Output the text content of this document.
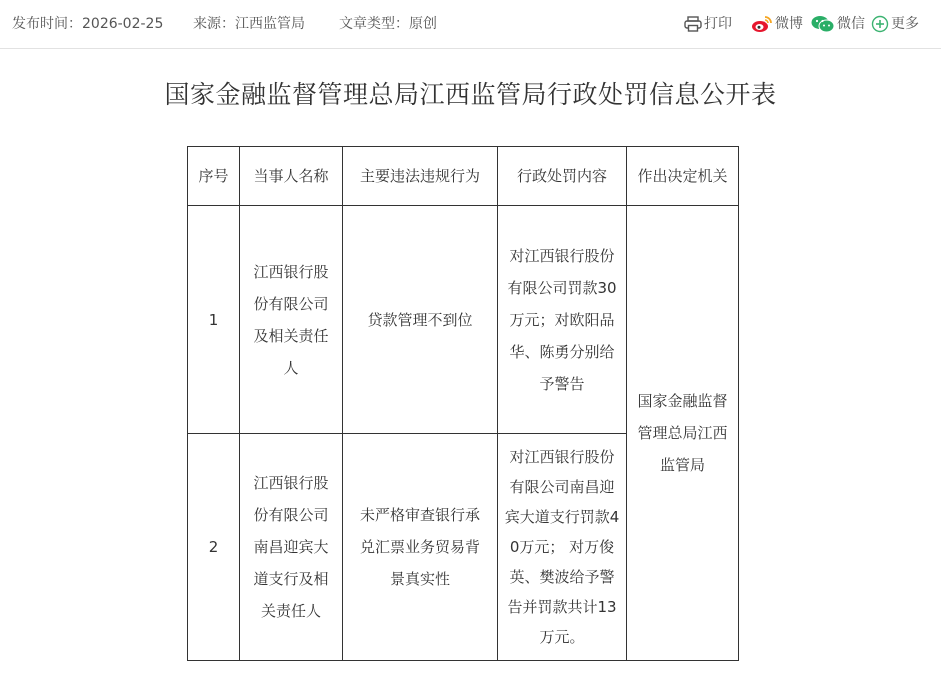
发布时间：2026-02-25 来源：江西监管局 文章类型：原创	打印	微博 微信 更多
国家金融监督管理总局江西监管局行政处罚信息公开表
序号	当事人名称	主要违法违规行为	行政处罚内容	作出决定机关
1	江西银行股份有限公司及相关责任人	贷款管理不到位	对江西银行股份有限公司罚款30万元；对欧阳品华、陈勇分别给予警告	国家金融监督管理总局江西监管局
2	江西银行股份有限公司南昌迎宾大道支行及相关责任人	未严格审查银行承兑汇票业务贸易背景真实性	对江西银行股份有限公司南昌迎宾大道支行罚款40万元； 对万俊英、樊波给予警告并罚款共计13万元。	
